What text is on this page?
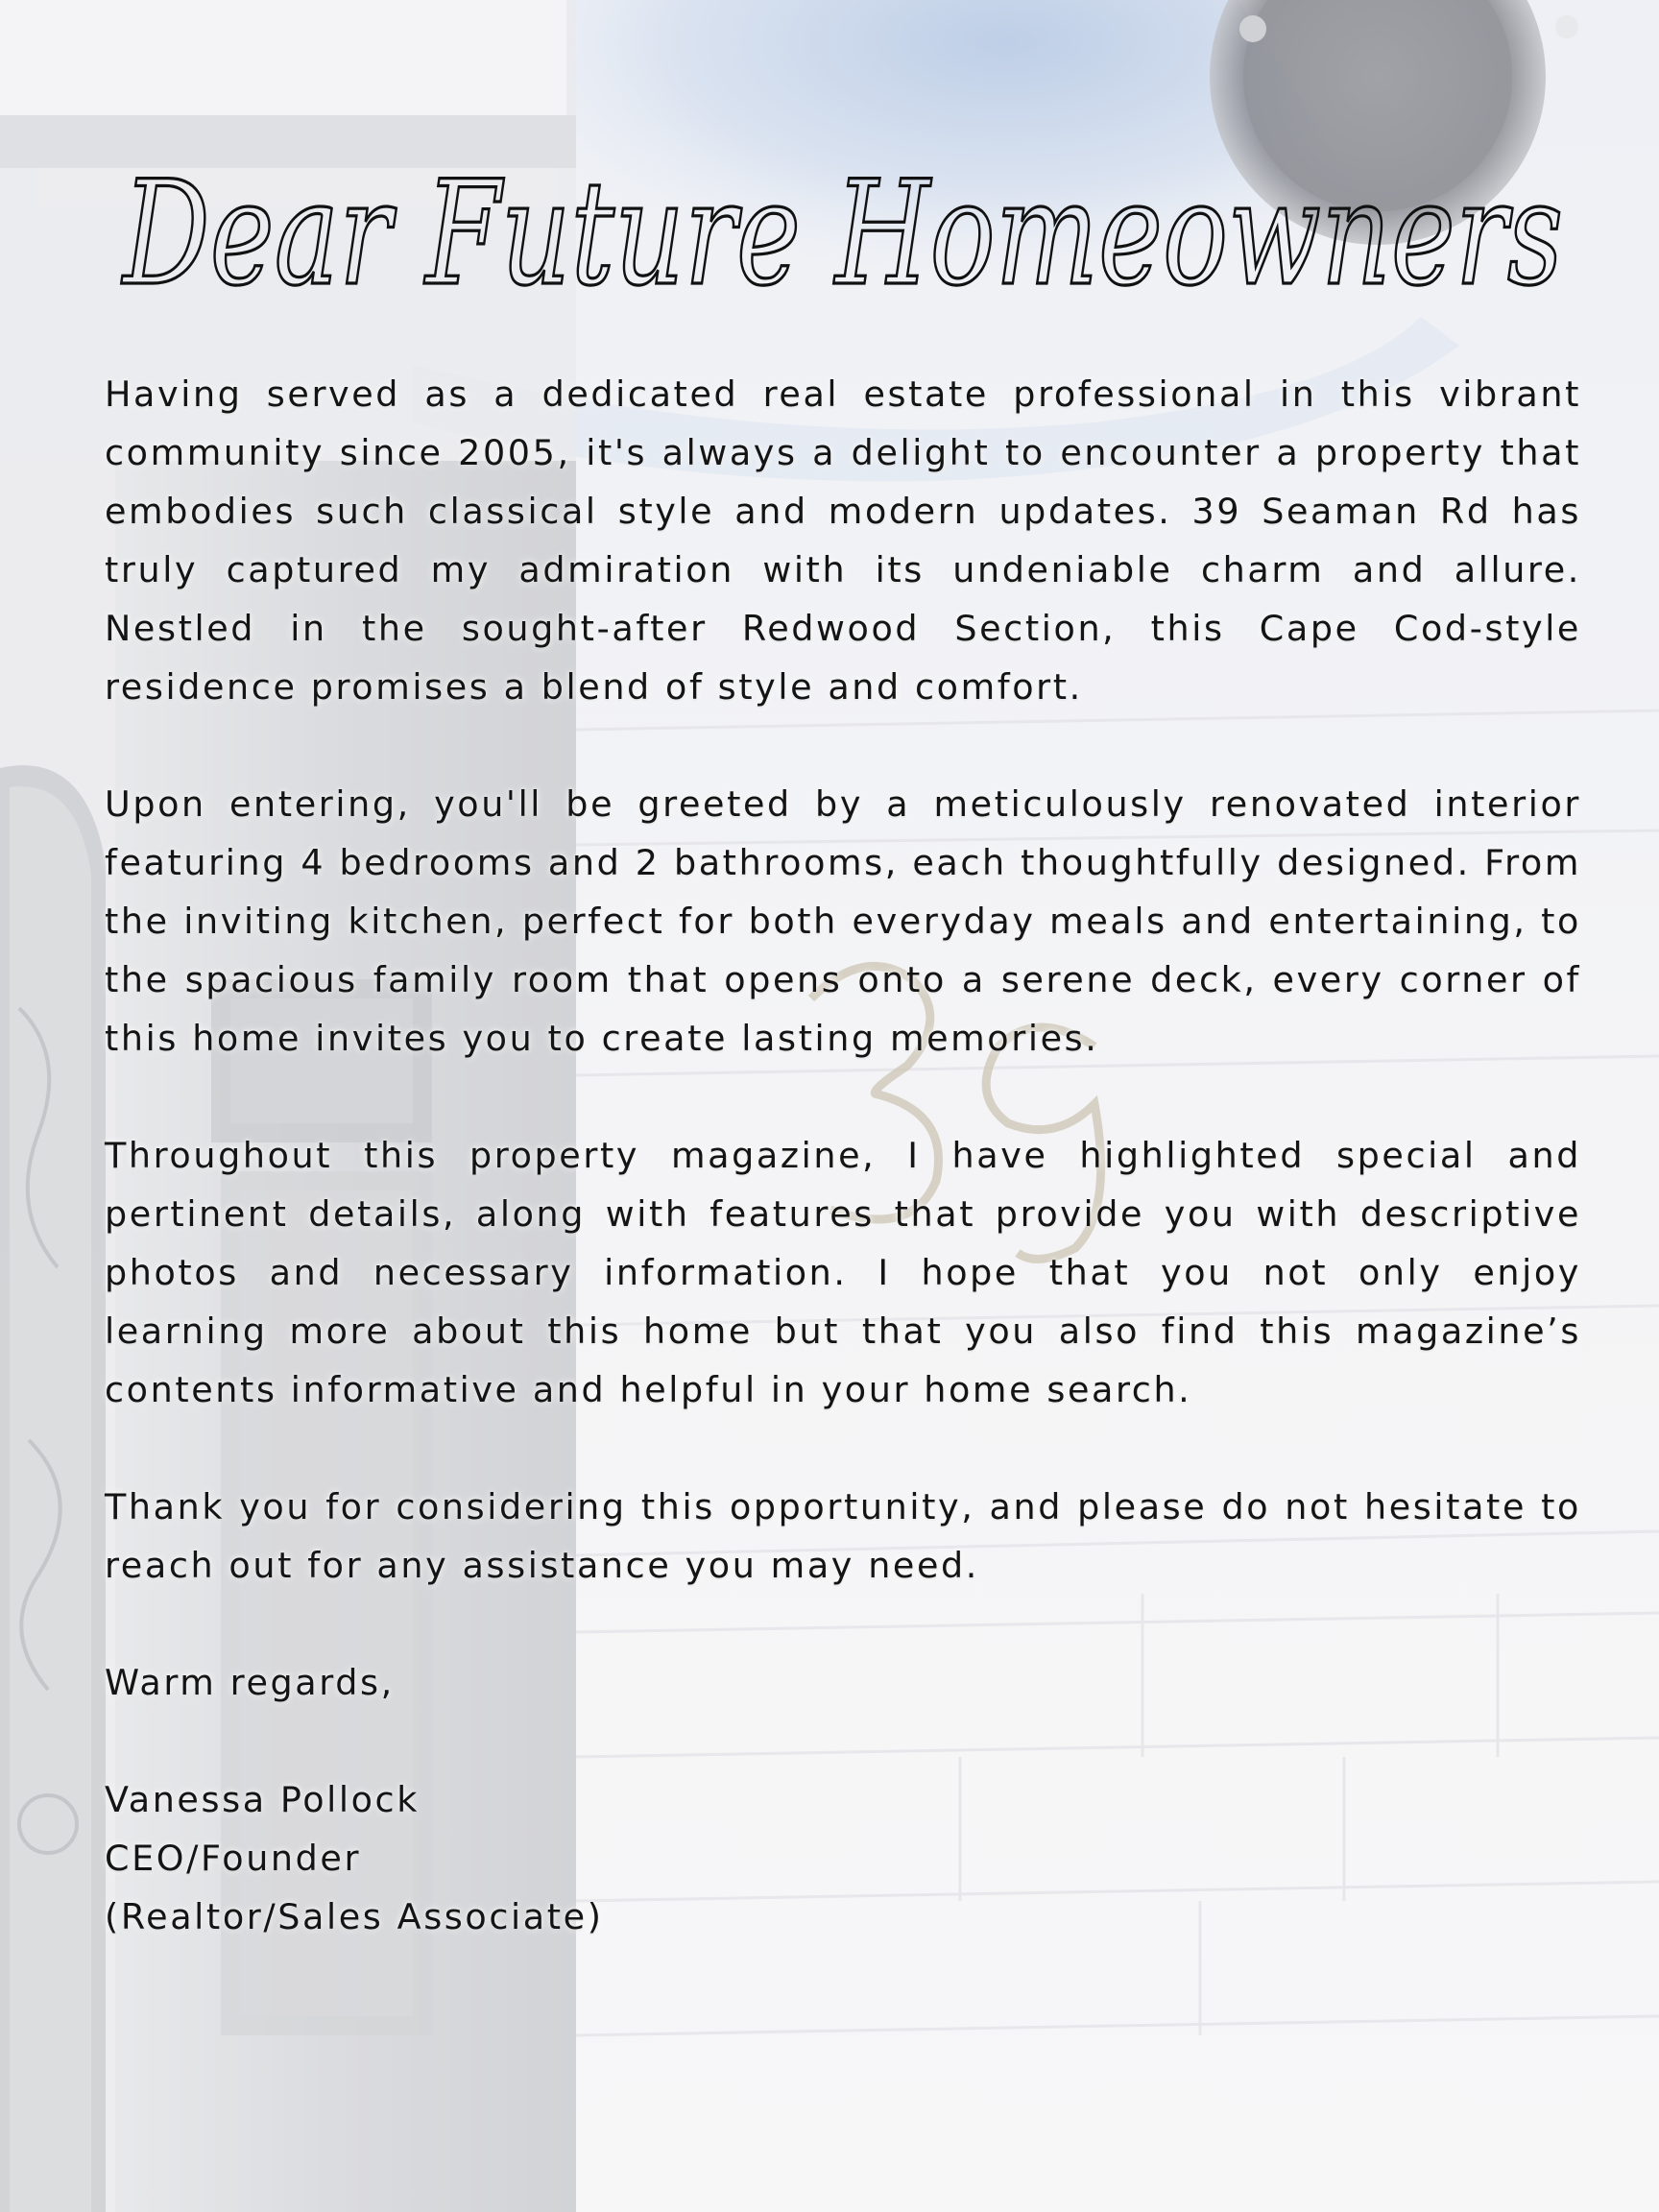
Dear Future Homeowners

Having served as a dedicated real estate professional in this vibrant community since 2005, it's always a delight to encounter a property that embodies such classical style and modern updates. 39 Seaman Rd has truly captured my admiration with its undeniable charm and allure. Nestled in the sought-after Redwood Section, this Cape Cod-style residence promises a blend of style and comfort.

Upon entering, you'll be greeted by a meticulously renovated interior featuring 4 bedrooms and 2 bathrooms, each thoughtfully designed. From the inviting kitchen, perfect for both everyday meals and entertaining, to the spacious family room that opens onto a serene deck, every corner of this home invites you to create lasting memories.

Throughout this property magazine, I have highlighted special and pertinent details, along with features that provide you with descriptive photos and necessary information. I hope that you not only enjoy learning more about this home but that you also find this magazine’s contents informative and helpful in your home search.

Thank you for considering this opportunity, and please do not hesitate to reach out for any assistance you may need.

Warm regards,

Vanessa Pollock
CEO/Founder
(Realtor/Sales Associate)
